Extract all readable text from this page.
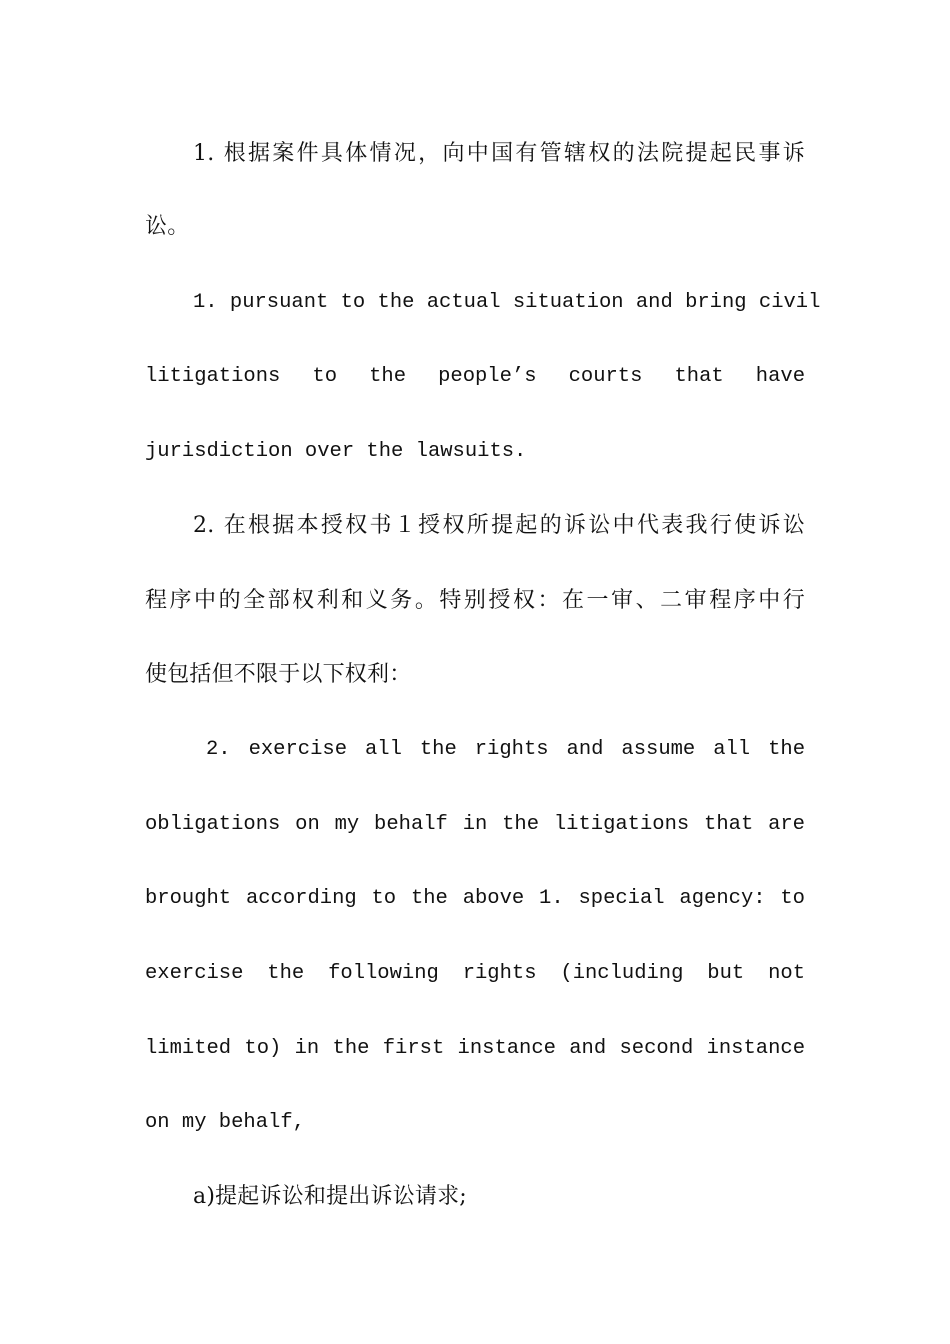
1. 根据案件具体情况，向中国有管辖权的法院提起民事诉
讼。
1. pursuant to the actual situation and bring civil
litigations to the people’s courts that have
jurisdiction over the lawsuits.
2. 在根据本授权书１授权所提起的诉讼中代表我行使诉讼
程序中的全部权利和义务。特别授权：在一审、二审程序中行
使包括但不限于以下权利：
2. exercise all the rights and assume all the
obligations on my behalf in the litigations that are
brought according to the above 1. special agency: to
exercise the following rights (including but not
limited to) in the first instance and second instance
on my behalf,
a)提起诉讼和提出诉讼请求;
